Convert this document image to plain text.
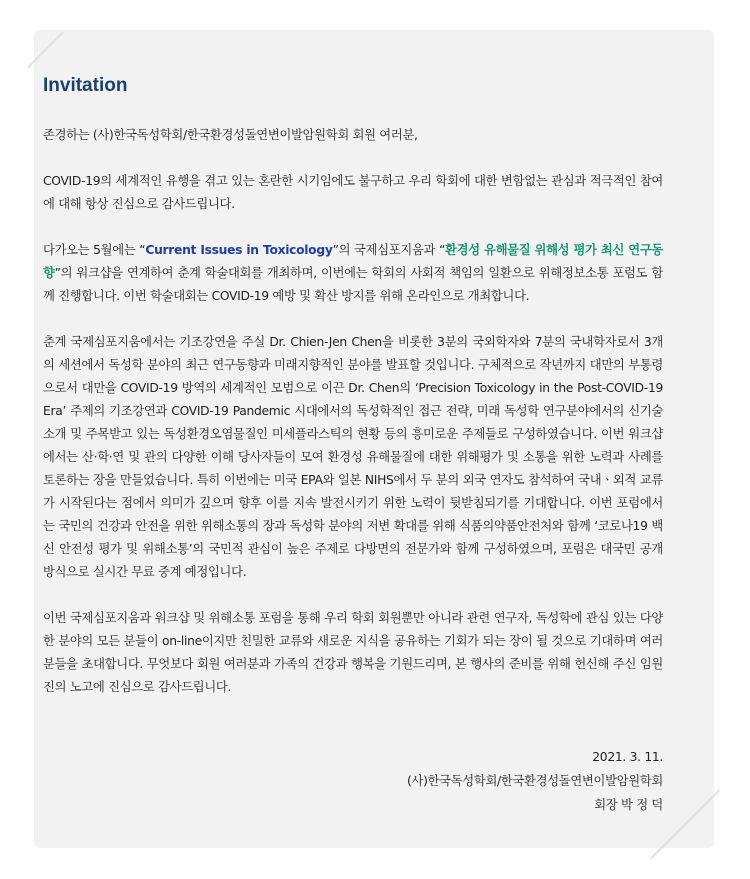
Invitation

존경하는 (사)한국독성학회/한국환경성돌연변이발암원학회 회원 여러분,

COVID-19의 세계적인 유행을 겪고 있는 혼란한 시기임에도 불구하고 우리 학회에 대한 변함없는 관심과 적극적인 참여에 대해 항상 진심으로 감사드립니다.

다가오는 5월에는 “Current Issues in Toxicology”의 국제심포지움과 “환경성 유해물질 위해성 평가 최신 연구동향”의 워크샵을 연계하여 춘계 학술대회를 개최하며, 이번에는 학회의 사회적 책임의 일환으로 위해정보소통 포럼도 함께 진행합니다. 이번 학술대회는 COVID-19 예방 및 확산 방지를 위해 온라인으로 개최합니다.

춘계 국제심포지움에서는 기조강연을 주실 Dr. Chien-Jen Chen을 비롯한 3분의 국외학자와 7분의 국내학자로서 3개의 세션에서 독성학 분야의 최근 연구동향과 미래지향적인 분야를 발표할 것입니다. 구체적으로 작년까지 대만의 부통령으로서 대만을 COVID-19 방역의 세계적인 모범으로 이끈 Dr. Chen의 ‘Precision Toxicology in the Post-COVID-19 Era’ 주제의 기조강연과 COVID-19 Pandemic 시대에서의 독성학적인 접근 전략, 미래 독성학 연구분야에서의 신기술 소개 및 주목받고 있는 독성환경오염물질인 미세플라스틱의 현황 등의 흥미로운 주제들로 구성하였습니다. 이번 워크샵에서는 산·학·연 및 관의 다양한 이해 당사자들이 모여 환경성 유해물질에 대한 위해평가 및 소통을 위한 노력과 사례를 토론하는 장을 만들었습니다. 특히 이번에는 미국 EPA와 일본 NIHS에서 두 분의 외국 연자도 참석하여 국내ㆍ외적 교류가 시작된다는 점에서 의미가 깊으며 향후 이를 지속 발전시키기 위한 노력이 뒷받침되기를 기대합니다. 이번 포럼에서는 국민의 건강과 안전을 위한 위해소통의 장과 독성학 분야의 저변 확대를 위해 식품의약품안전처와 함께 ‘코로나19 백신 안전성 평가 및 위해소통’의 국민적 관심이 높은 주제로 다방면의 전문가와 함께 구성하였으며, 포럼은 대국민 공개 방식으로 실시간 무료 중계 예정입니다.

이번 국제심포지움과 워크샵 및 위해소통 포럼을 통해 우리 학회 회원뿐만 아니라 관련 연구자, 독성학에 관심 있는 다양한 분야의 모든 분들이 on-line이지만 친밀한 교류와 새로운 지식을 공유하는 기회가 되는 장이 될 것으로 기대하며 여러분들을 초대합니다. 무엇보다 회원 여러분과 가족의 건강과 행복을 기원드리며, 본 행사의 준비를 위해 헌신해 주신 임원진의 노고에 진심으로 감사드립니다.

2021. 3. 11.
(사)한국독성학회/한국환경성돌연변이발암원학회
회장 박 정 덕
